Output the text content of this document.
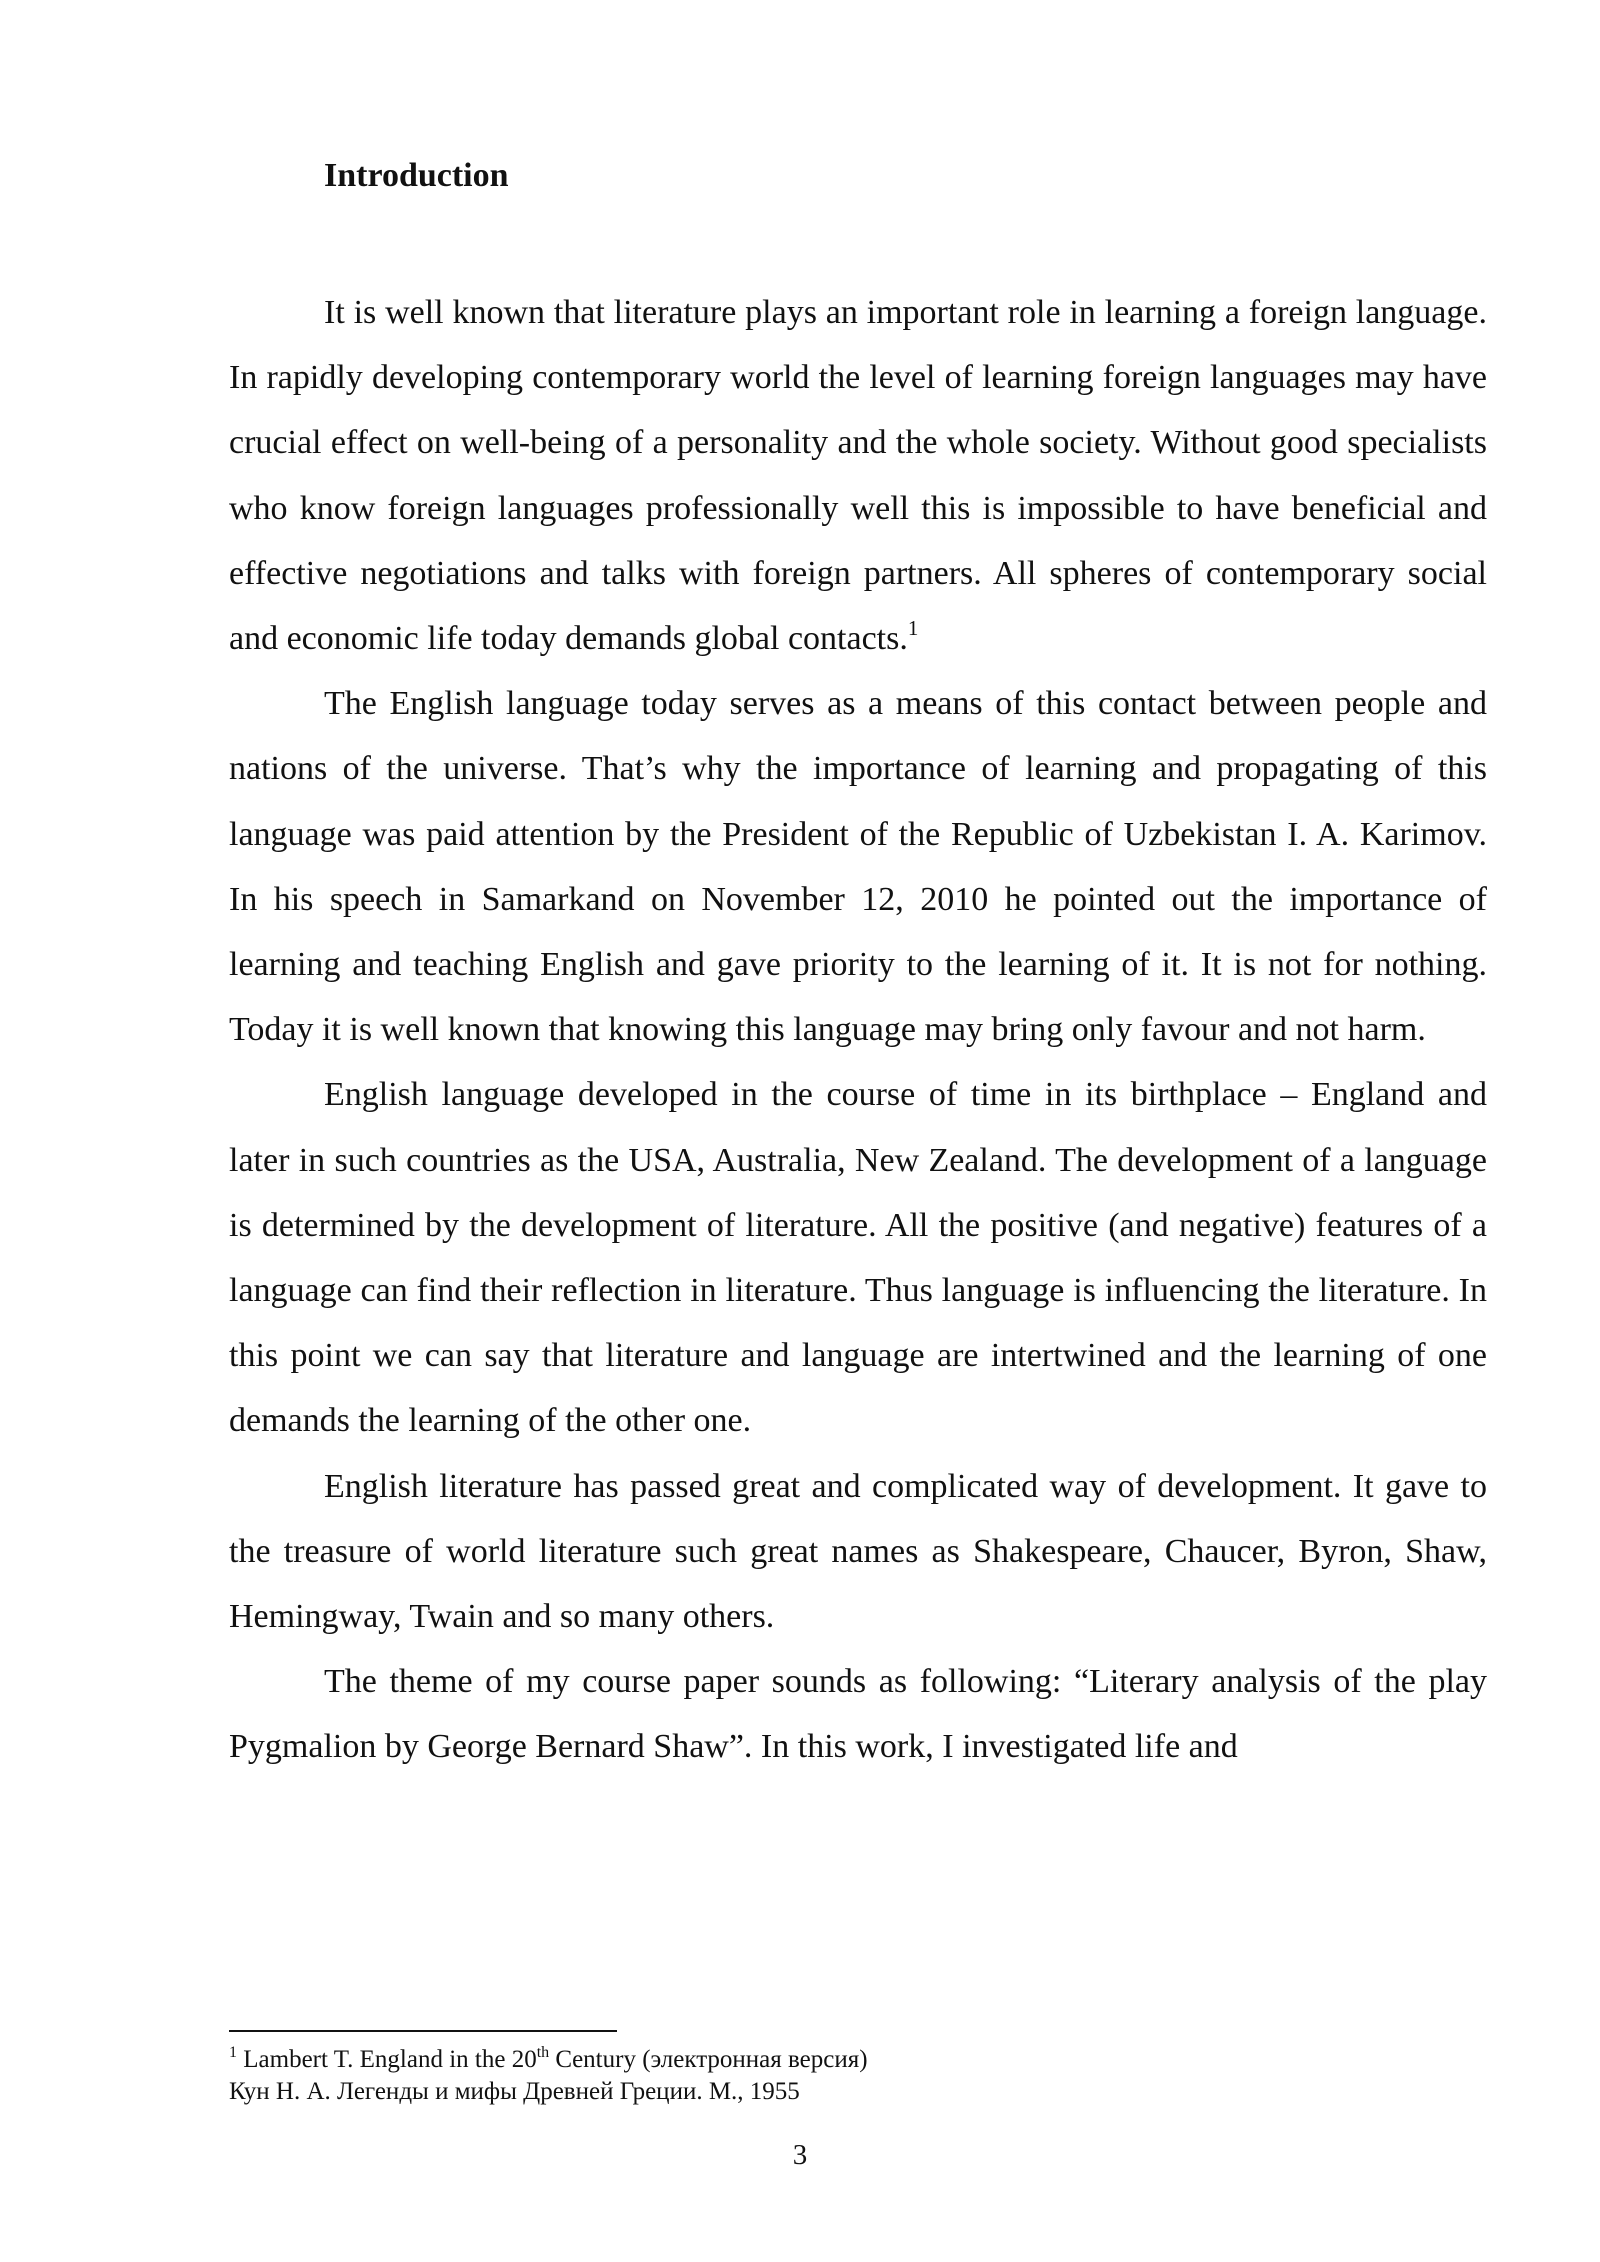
Introduction

It is well known that literature plays an important role in learning a foreign language. In rapidly developing contemporary world the level of learning foreign languages may have crucial effect on well-being of a personality and the whole society. Without good specialists who know foreign languages professionally well this is impossible to have beneficial and effective negotiations and talks with foreign partners. All spheres of contemporary social and economic life today demands global contacts.$^1$

The English language today serves as a means of this contact between people and nations of the universe. That’s why the importance of learning and propagating of this language was paid attention by the President of the Republic of Uzbekistan I. A. Karimov. In his speech in Samarkand on November 12, 2010 he pointed out the importance of learning and teaching English and gave priority to the learning of it. It is not for nothing. Today it is well known that knowing this language may bring only favour and not harm.

English language developed in the course of time in its birthplace – England and later in such countries as the USA, Australia, New Zealand. The development of a language is determined by the development of literature. All the positive (and negative) features of a language can find their reflection in literature. Thus language is influencing the literature. In this point we can say that literature and language are intertwined and the learning of one demands the learning of the other one.

English literature has passed great and complicated way of development. It gave to the treasure of world literature such great names as Shakespeare, Chaucer, Byron, Shaw, Hemingway, Twain and so many others.

The theme of my course paper sounds as following: “Literary analysis of the play Pygmalion by George Bernard Shaw”. In this work, I investigated life and

$^1$ Lambert T. England in the 20th Century (электронная версия)
Кун Н. А. Легенды и мифы Древней Греции. М., 1955
3
